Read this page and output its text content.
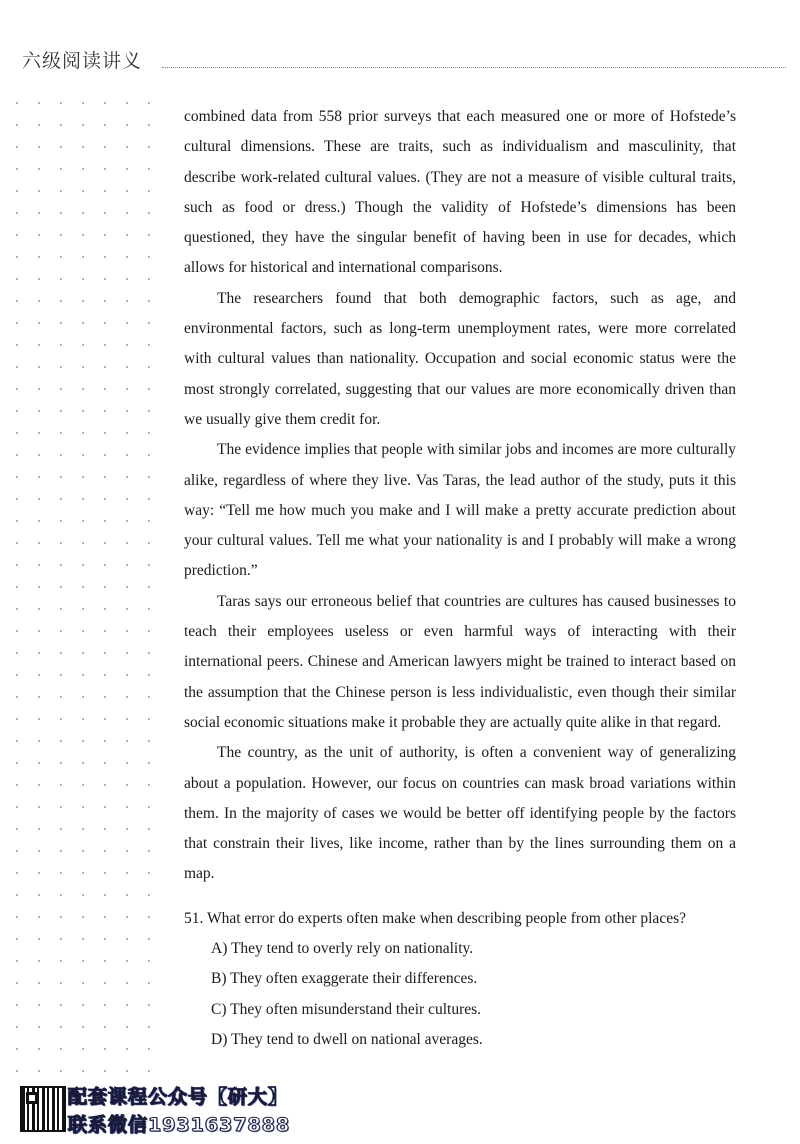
六级阅读讲义

combined data from 558 prior surveys that each measured one or more of Hofstede’s cultural dimensions. These are traits, such as individualism and masculinity, that describe work-related cultural values. (They are not a measure of visible cultural traits, such as food or dress.) Though the validity of Hofstede’s dimensions has been questioned, they have the singular benefit of having been in use for decades, which allows for historical and international comparisons.

The researchers found that both demographic factors, such as age, and environmental factors, such as long-term unemployment rates, were more correlated with cultural values than nationality. Occupation and social economic status were the most strongly correlated, suggesting that our values are more economically driven than we usually give them credit for.

The evidence implies that people with similar jobs and incomes are more culturally alike, regardless of where they live. Vas Taras, the lead author of the study, puts it this way: “Tell me how much you make and I will make a pretty accurate prediction about your cultural values. Tell me what your nationality is and I probably will make a wrong prediction.”

Taras says our erroneous belief that countries are cultures has caused businesses to teach their employees useless or even harmful ways of interacting with their international peers. Chinese and American lawyers might be trained to interact based on the assumption that the Chinese person is less individualistic, even though their similar social economic situations make it probable they are actually quite alike in that regard.

The country, as the unit of authority, is often a convenient way of generalizing about a population. However, our focus on countries can mask broad variations within them. In the majority of cases we would be better off identifying people by the factors that constrain their lives, like income, rather than by the lines surrounding them on a map.

51. What error do experts often make when describing people from other places?

A) They tend to overly rely on nationality.

B) They often exaggerate their differences.

C) They often misunderstand their cultures.

D) They tend to dwell on national averages.

配套课程公众号【研大】
联系微信1931637888
